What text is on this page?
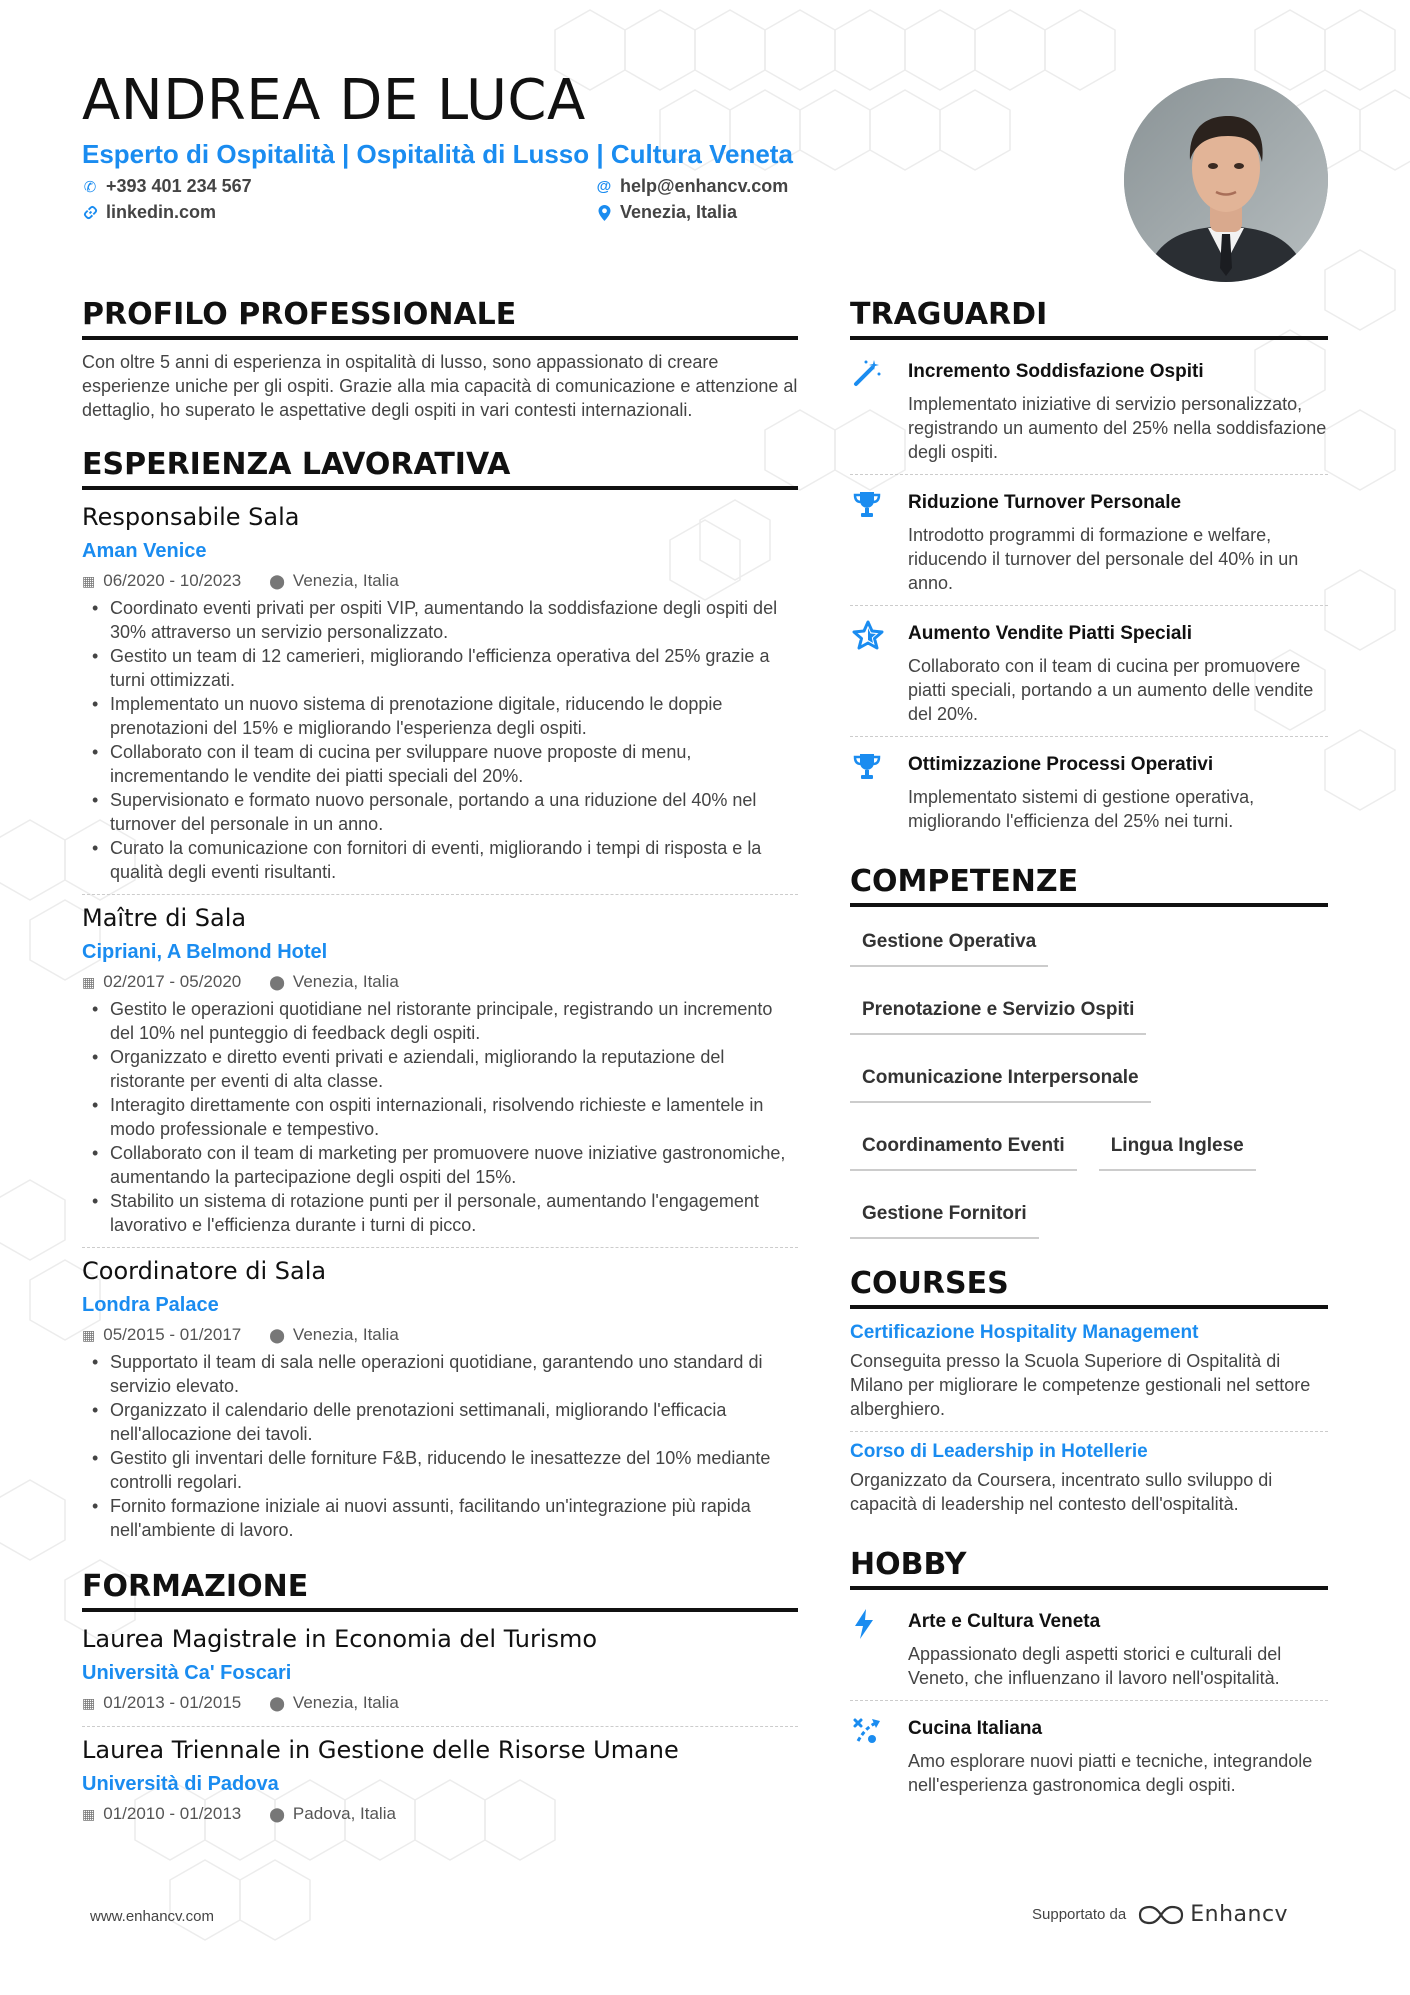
ANDREA DE LUCA
Esperto di Ospitalità | Ospitalità di Lusso | Cultura Veneta
✆ +393 401 234 567
linkedin.com
@ help@enhancv.com
Venezia, Italia
PROFILO PROFESSIONALE

Con oltre 5 anni di esperienza in ospitalità di lusso, sono appassionato di creare esperienze uniche per gli ospiti. Grazie alla mia capacità di comunicazione e attenzione al dettaglio, ho superato le aspettative degli ospiti in vari contesti internazionali.

ESPERIENZA LAVORATIVA
Responsabile Sala
Aman Venice
▦ 06/2020 - 10/2023 ⬤ Venezia, Italia
• Coordinato eventi privati per ospiti VIP, aumentando la soddisfazione degli ospiti del 30% attraverso un servizio personalizzato.
• Gestito un team di 12 camerieri, migliorando l'efficienza operativa del 25% grazie a turni ottimizzati.
• Implementato un nuovo sistema di prenotazione digitale, riducendo le doppie prenotazioni del 15% e migliorando l'esperienza degli ospiti.
• Collaborato con il team di cucina per sviluppare nuove proposte di menu, incrementando le vendite dei piatti speciali del 20%.
• Supervisionato e formato nuovo personale, portando a una riduzione del 40% nel turnover del personale in un anno.
• Curato la comunicazione con fornitori di eventi, migliorando i tempi di risposta e la qualità degli eventi risultanti.
Maître di Sala
Cipriani, A Belmond Hotel
▦ 02/2017 - 05/2020 ⬤ Venezia, Italia
• Gestito le operazioni quotidiane nel ristorante principale, registrando un incremento del 10% nel punteggio di feedback degli ospiti.
• Organizzato e diretto eventi privati e aziendali, migliorando la reputazione del ristorante per eventi di alta classe.
• Interagito direttamente con ospiti internazionali, risolvendo richieste e lamentele in modo professionale e tempestivo.
• Collaborato con il team di marketing per promuovere nuove iniziative gastronomiche, aumentando la partecipazione degli ospiti del 15%.
• Stabilito un sistema di rotazione punti per il personale, aumentando l'engagement lavorativo e l'efficienza durante i turni di picco.
Coordinatore di Sala
Londra Palace
▦ 05/2015 - 01/2017 ⬤ Venezia, Italia
• Supportato il team di sala nelle operazioni quotidiane, garantendo uno standard di servizio elevato.
• Organizzato il calendario delle prenotazioni settimanali, migliorando l'efficacia nell'allocazione dei tavoli.
• Gestito gli inventari delle forniture F&B, riducendo le inesattezze del 10% mediante controlli regolari.
• Fornito formazione iniziale ai nuovi assunti, facilitando un'integrazione più rapida nell'ambiente di lavoro.
FORMAZIONE
Laurea Magistrale in Economia del Turismo
Università Ca' Foscari
▦ 01/2013 - 01/2015 ⬤ Venezia, Italia
Laurea Triennale in Gestione delle Risorse Umane
Università di Padova
▦ 01/2010 - 01/2013 ⬤ Padova, Italia
TRAGUARDI
Incremento Soddisfazione Ospiti
Implementato iniziative di servizio personalizzato, registrando un aumento del 25% nella soddisfazione degli ospiti.
Riduzione Turnover Personale
Introdotto programmi di formazione e welfare, riducendo il turnover del personale del 40% in un anno.
Aumento Vendite Piatti Speciali
Collaborato con il team di cucina per promuovere piatti speciali, portando a un aumento delle vendite del 20%.
Ottimizzazione Processi Operativi
Implementato sistemi di gestione operativa, migliorando l'efficienza del 25% nei turni.
COMPETENZE
Gestione Operativa
Prenotazione e Servizio Ospiti
Comunicazione Interpersonale
Coordinamento Eventi	Lingua Inglese
Gestione Fornitori
COURSES
Certificazione Hospitality Management
Conseguita presso la Scuola Superiore di Ospitalità di Milano per migliorare le competenze gestionali nel settore alberghiero.
Corso di Leadership in Hotellerie
Organizzato da Coursera, incentrato sullo sviluppo di capacità di leadership nel contesto dell'ospitalità.
HOBBY
Arte e Cultura Veneta
Appassionato degli aspetti storici e culturali del Veneto, che influenzano il lavoro nell'ospitalità.
Cucina Italiana
Amo esplorare nuovi piatti e tecniche, integrandole nell'esperienza gastronomica degli ospiti.
www.enhancv.com	Supportato da	Enhancv
